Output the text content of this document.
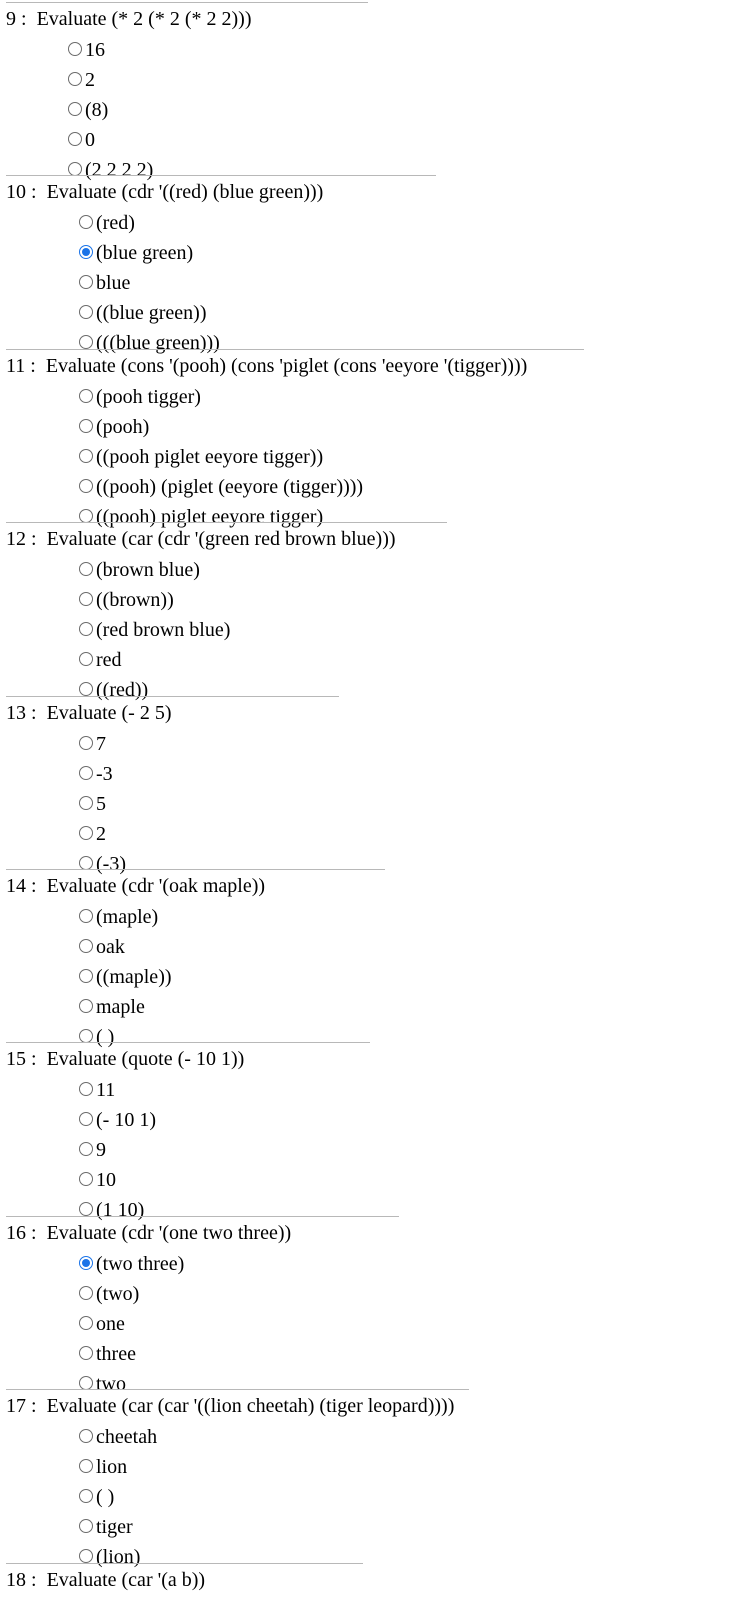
9 :  Evaluate (* 2 (* 2 (* 2 2)))
16
2
(8)
0
(2 2 2 2)
10 :  Evaluate (cdr '((red) (blue green)))
(red)
(blue green)
blue
((blue green))
(((blue green)))
11 :  Evaluate (cons '(pooh) (cons 'piglet (cons 'eeyore '(tigger))))
(pooh tigger)
(pooh)
((pooh piglet eeyore tigger))
((pooh) (piglet (eeyore (tigger))))
((pooh) piglet eeyore tigger)
12 :  Evaluate (car (cdr '(green red brown blue)))
(brown blue)
((brown))
(red brown blue)
red
((red))
13 :  Evaluate (- 2 5)
7
-3
5
2
(-3)
14 :  Evaluate (cdr '(oak maple))
(maple)
oak
((maple))
maple
( )
15 :  Evaluate (quote (- 10 1))
11
(- 10 1)
9
10
(1 10)
16 :  Evaluate (cdr '(one two three))
(two three)
(two)
one
three
two
17 :  Evaluate (car (car '((lion cheetah) (tiger leopard))))
cheetah
lion
( )
tiger
(lion)
18 :  Evaluate (car '(a b))
